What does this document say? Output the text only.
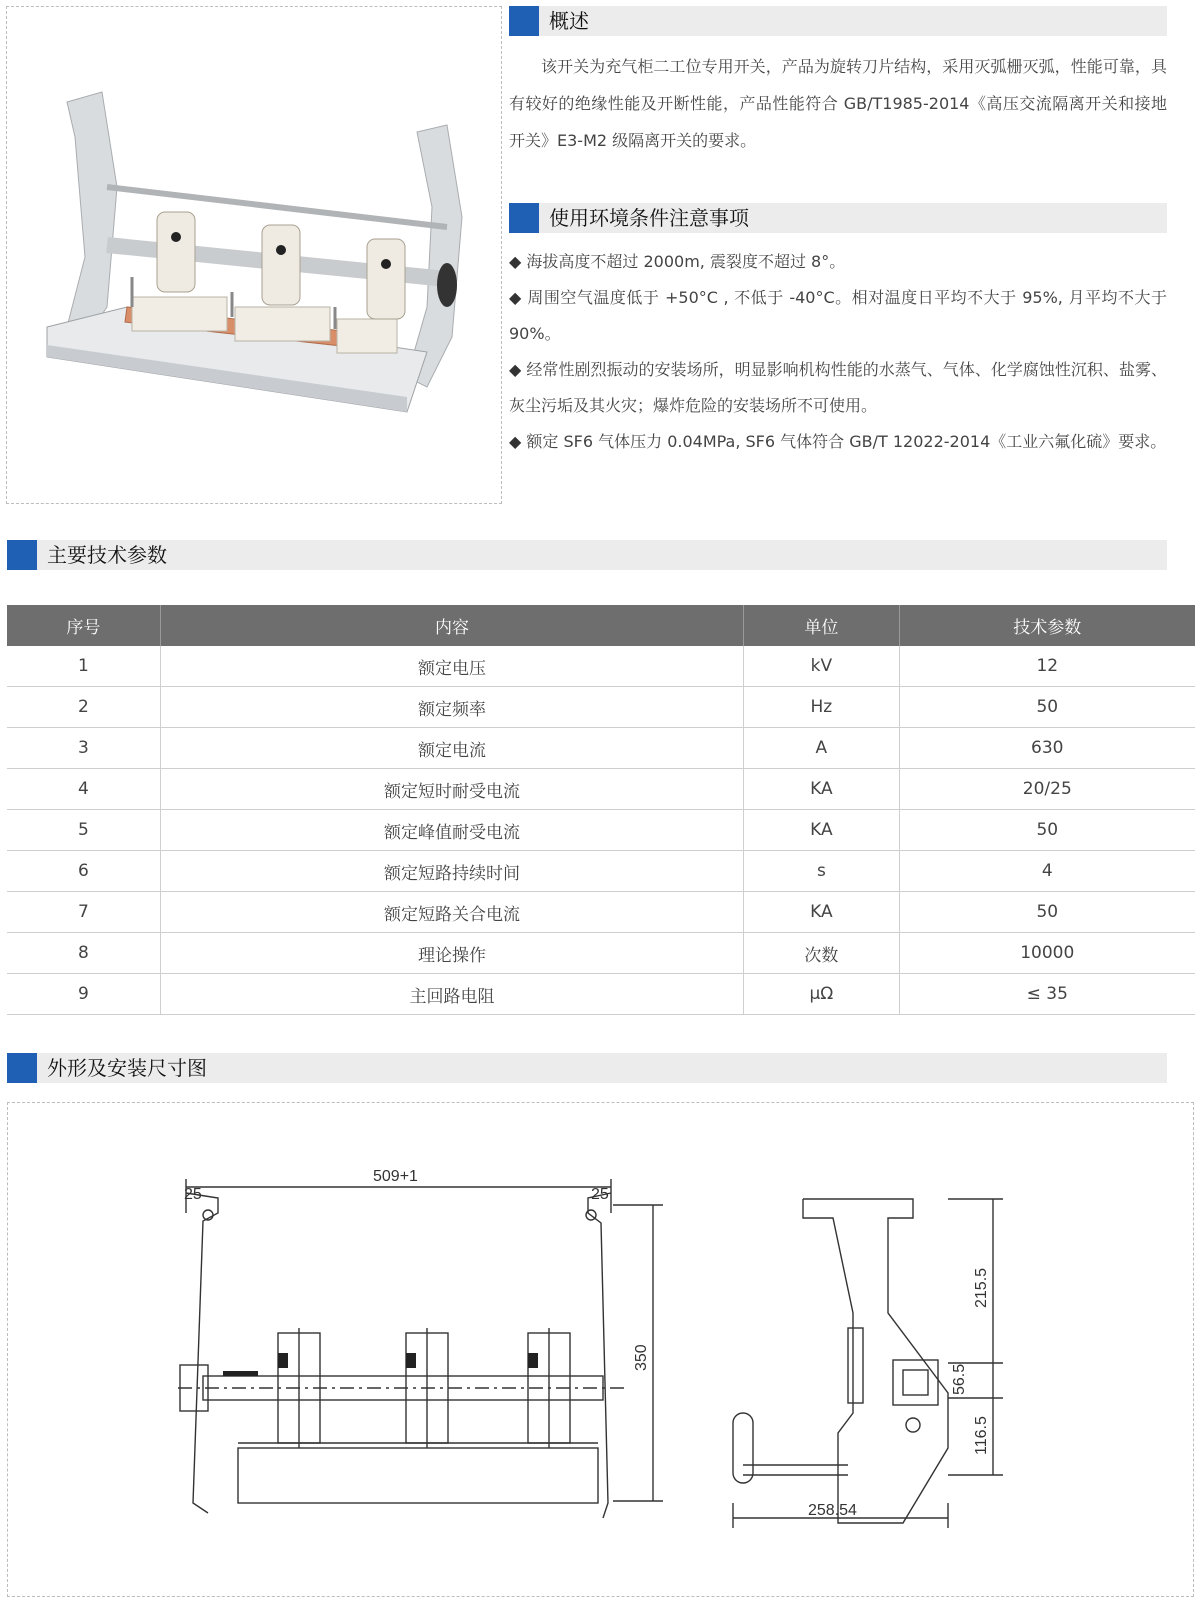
概述

该开关为充气柜二工位专用开关，产品为旋转刀片结构，采用灭弧栅灭弧，性能可靠，具有较好的绝缘性能及开断性能，产品性能符合 GB/T1985-2014《高压交流隔离开关和接地开关》E3-M2 级隔离开关的要求。

使用环境条件注意事项

◆ 海拔高度不超过 2000m, 震裂度不超过 8°。

◆ 周围空气温度低于 +50°C , 不低于 -40°C。相对温度日平均不大于 95%, 月平均不大于 90%。

◆ 经常性剧烈振动的安装场所，明显影响机构性能的水蒸气、气体、化学腐蚀性沉积、盐雾、灰尘污垢及其火灾；爆炸危险的安装场所不可使用。

◆ 额定 SF6 气体压力 0.04MPa, SF6 气体符合 GB/T 12022-2014《工业六氟化硫》要求。

主要技术参数
序号	内容	单位	技术参数
1	额定电压	kV	12
2	额定频率	Hz	50
3	额定电流	A	630
4	额定短时耐受电流	KA	20/25
5	额定峰值耐受电流	KA	50
6	额定短路持续时间	s	4
7	额定短路关合电流	KA	50
8	理论操作	次数	10000
9	主回路电阻	μΩ	≤ 35
外形及安装尺寸图
509+1
25	25
350
215.5
56.5
116.5
258.54
